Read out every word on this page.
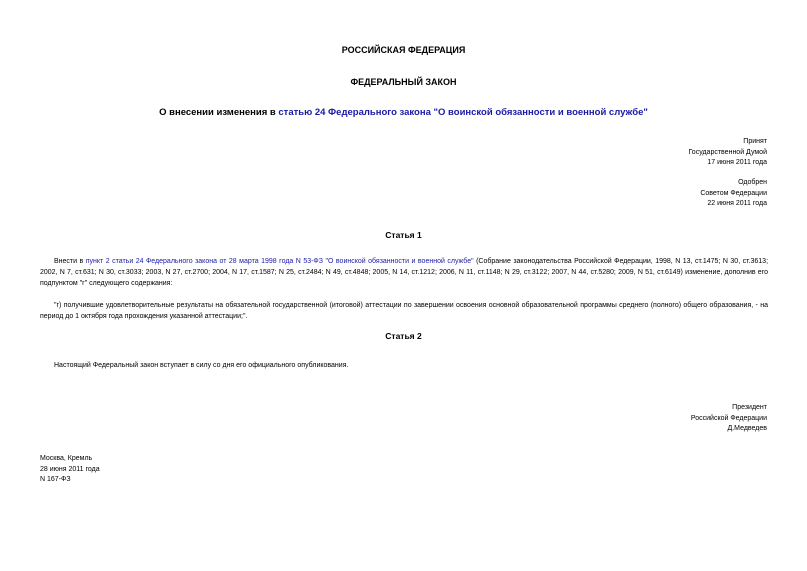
РОССИЙСКАЯ ФЕДЕРАЦИЯ
ФЕДЕРАЛЬНЫЙ ЗАКОН
О внесении изменения в статью 24 Федерального закона "О воинской обязанности и военной службе"
Принят
Государственной Думой
17 июня 2011 года
Одобрен
Советом Федерации
22 июня 2011 года
Статья 1
Внести в пункт 2 статьи 24 Федерального закона от 28 марта 1998 года N 53-ФЗ "О воинской обязанности и военной службе" (Собрание законодательства Российской Федерации, 1998, N 13, ст.1475; N 30, ст.3613; 2002, N 7, ст.631; N 30, ст.3033; 2003, N 27, ст.2700; 2004, N 17, ст.1587; N 25, ст.2484; N 49, ст.4848; 2005, N 14, ст.1212; 2006, N 11, ст.1148; N 29, ст.3122; 2007, N 44, ст.5280; 2009, N 51, ст.6149) изменение, дополнив его подпунктом "г" следующего содержания:
"г) получившие удовлетворительные результаты на обязательной государственной (итоговой) аттестации по завершении освоения основной образовательной программы среднего (полного) общего образования, - на период до 1 октября года прохождения указанной аттестации;".
Статья 2
Настоящий Федеральный закон вступает в силу со дня его официального опубликования.
Президент
Российской Федерации
Д.Медведев
Москва, Кремль
28 июня 2011 года
N 167-ФЗ
